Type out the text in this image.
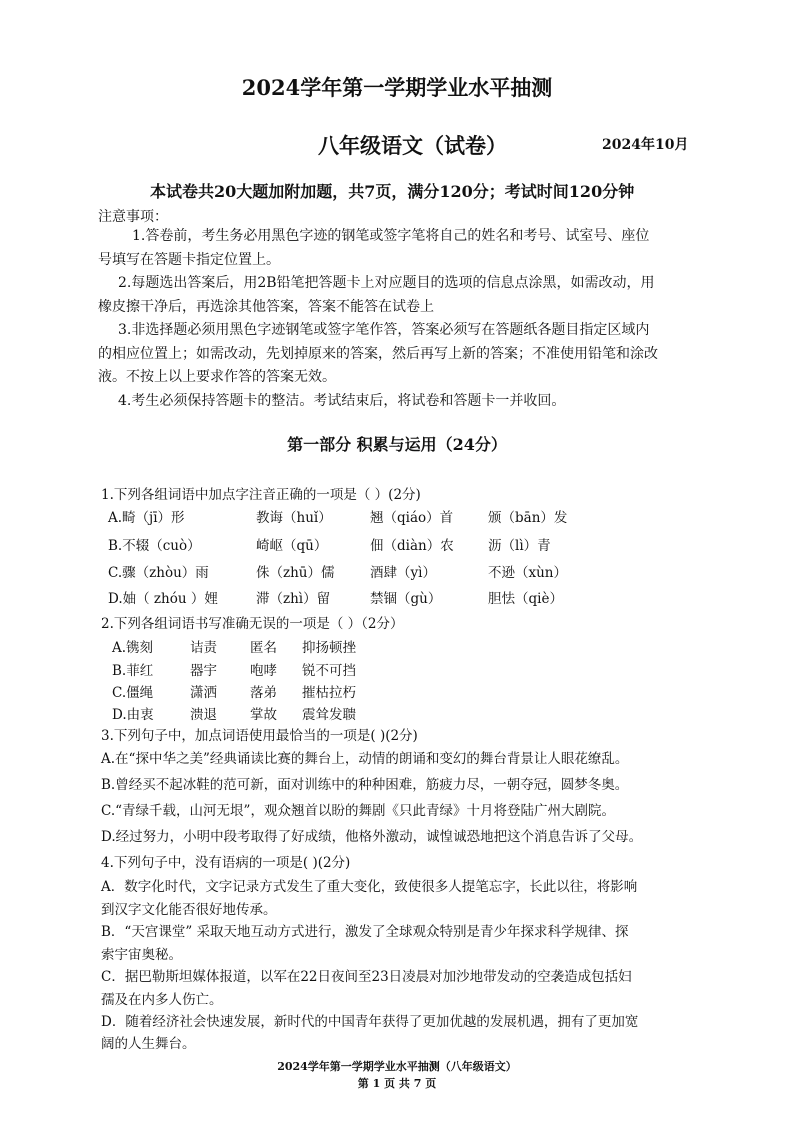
2024学年第一学期学业水平抽测
八年级语文（试卷）	2024年10月
本试卷共20大题加附加题，共7页，满分120分；考试时间120分钟
注意事项：
1.答卷前，考生务必用黑色字迹的钢笔或签字笔将自己的姓名和考号、试室号、座位
号填写在答题卡指定位置上。
2.每题选出答案后，用2B铅笔把答题卡上对应题目的选项的信息点涂黑，如需改动，用
橡皮擦干净后，再选涂其他答案，答案不能答在试卷上
3.非选择题必须用黑色字迹钢笔或签字笔作答，答案必须写在答题纸各题目指定区域内
的相应位置上；如需改动，先划掉原来的答案，然后再写上新的答案；不准使用铅笔和涂改
液。不按上以上要求作答的答案无效。
4.考生必须保持答题卡的整洁。考试结束后，将试卷和答题卡一并收回。
第一部分 积累与运用（24分）
1.下列各组词语中加点字注音正确的一项是（ ）(2分)
A.畸（jī）形	教诲（huǐ）	翘（qiáo）首	颁（bān）发
B.不辍（cuò）	崎岖（qū）	佃（diàn）农	沥（lì）青
C.骤（zhòu）雨	侏（zhū）儒	酒肆（yì）	不逊（xùn）
D.妯（ zhóu ）娌	滞（zhì）留	禁锢（gù）	胆怯（qiè）
2.下列各组词语书写准确无误的一项是（ ）（2分）
A.镌刻	诘责 匿名 抑扬顿挫
B.菲红	器宇 咆哮 锐不可挡
C.僵绳	潇洒 落弟 摧枯拉朽
D.由衷	溃退 掌故 震耸发聩
3.下列句子中，加点词语使用最恰当的一项是( )(2分)
A.在“探中华之美”经典诵读比赛的舞台上，动情的朗诵和变幻的舞台背景让人眼花缭乱。
B.曾经买不起冰鞋的范可新，面对训练中的种种困难，筋疲力尽，一朝夺冠，圆梦冬奥。
C.“青绿千载，山河无垠”，观众翘首以盼的舞剧《只此青绿》十月将登陆广州大剧院。
D.经过努力，小明中段考取得了好成绩，他格外激动，诚惶诚恐地把这个消息告诉了父母。
4.下列句子中，没有语病的一项是( )(2分)
A．数字化时代，文字记录方式发生了重大变化，致使很多人提笔忘字，长此以往，将影响
到汉字文化能否很好地传承。
B．“天宫课堂” 采取天地互动方式进行，激发了全球观众特别是青少年探求科学规律、探
索宇宙奥秘。
C．据巴勒斯坦媒体报道，以军在22日夜间至23日凌晨对加沙地带发动的空袭造成包括妇
孺及在内多人伤亡。
D．随着经济社会快速发展，新时代的中国青年获得了更加优越的发展机遇，拥有了更加宽
阔的人生舞台。
2024学年第一学期学业水平抽测（八年级语文）
第 1 页 共 7 页
